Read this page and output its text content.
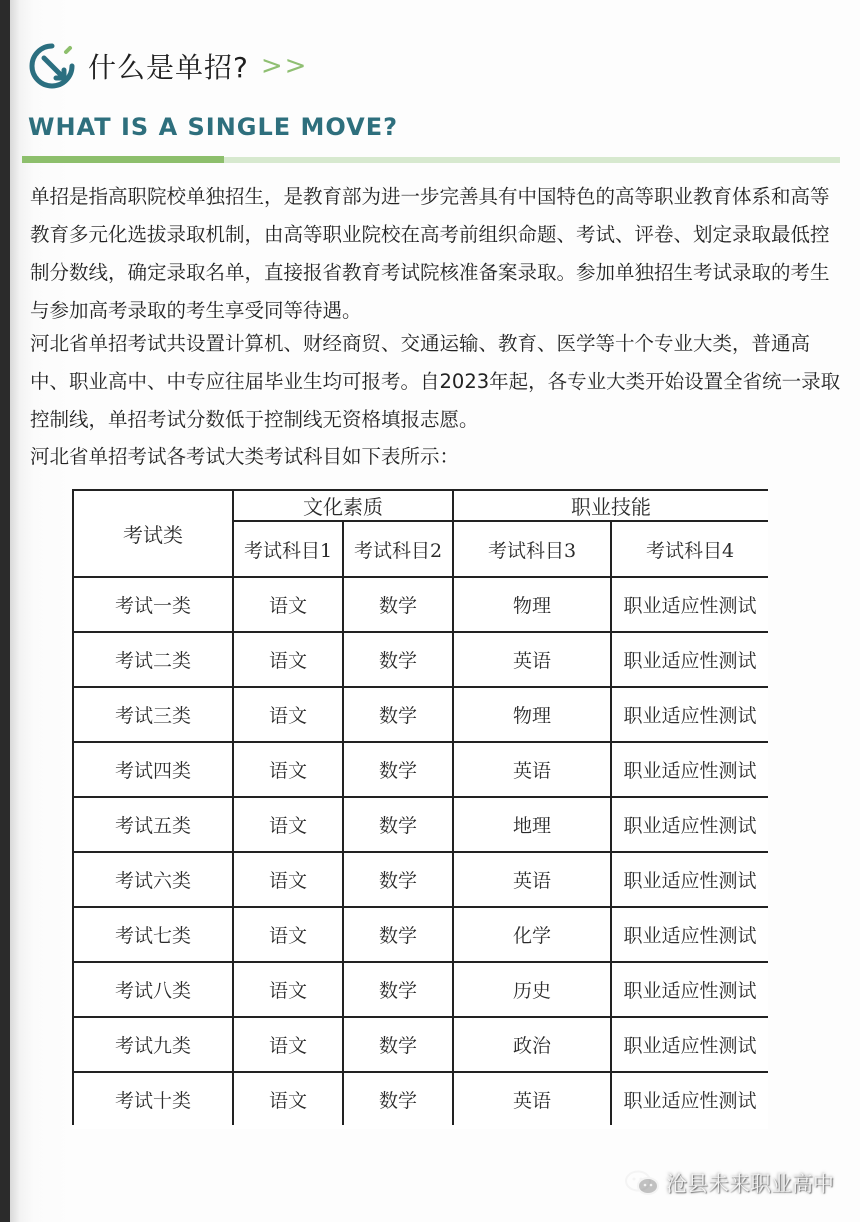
什么是单招? >>
WHAT IS A SINGLE MOVE?

单招是指高职院校单独招生，是教育部为进一步完善具有中国特色的高等职业教育体系和高等教育多元化选拔录取机制，由高等职业院校在高考前组织命题、考试、评卷、划定录取最低控制分数线，确定录取名单，直接报省教育考试院核准备案录取。参加单独招生考试录取的考生与参加高考录取的考生享受同等待遇。

河北省单招考试共设置计算机、财经商贸、交通运输、教育、医学等十个专业大类，普通高中、职业高中、中专应往届毕业生均可报考。自2023年起，各专业大类开始设置全省统一录取控制线，单招考试分数低于控制线无资格填报志愿。

河北省单招考试各考试大类考试科目如下表所示：

考试类	文化素质		职业技能	
	考试科目1	考试科目2	考试科目3	考试科目4
考试一类	语文	数学	物理	职业适应性测试
考试二类	语文	数学	英语	职业适应性测试
考试三类	语文	数学	物理	职业适应性测试
考试四类	语文	数学	英语	职业适应性测试
考试五类	语文	数学	地理	职业适应性测试
考试六类	语文	数学	英语	职业适应性测试
考试七类	语文	数学	化学	职业适应性测试
考试八类	语文	数学	历史	职业适应性测试
考试九类	语文	数学	政治	职业适应性测试
考试十类	语文	数学	英语	职业适应性测试
沧县未来职业高中
